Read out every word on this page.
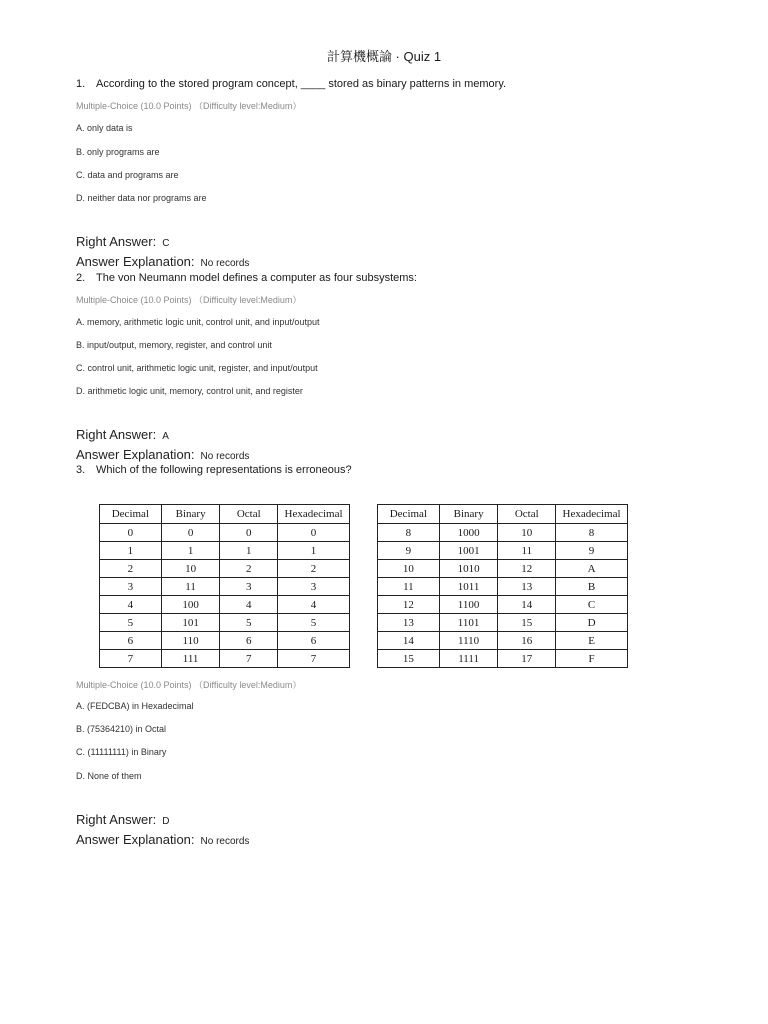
計算機概論 · Quiz 1
1. According to the stored program concept, ____ stored as binary patterns in memory.
Multiple-Choice (10.0 Points) （Difficulty level:Medium）
A. only data is
B. only programs are
C. data and programs are
D. neither data nor programs are
Right Answer: C
Answer Explanation: No records
2. The von Neumann model defines a computer as four subsystems:
Multiple-Choice (10.0 Points) （Difficulty level:Medium）
A. memory, arithmetic logic unit, control unit, and input/output
B. input/output, memory, register, and control unit
C. control unit, arithmetic logic unit, register, and input/output
D. arithmetic logic unit, memory, control unit, and register
Right Answer: A
Answer Explanation: No records
3. Which of the following representations is erroneous?
Decimal	Binary	Octal	Hexadecimal
0	0	0	0
1	1	1	1
2	10	2	2
3	11	3	3
4	100	4	4
5	101	5	5
6	110	6	6
7	111	7	7
Decimal	Binary	Octal	Hexadecimal
8	1000	10	8
9	1001	11	9
10	1010	12	A
11	1011	13	B
12	1100	14	C
13	1101	15	D
14	1110	16	E
15	1111	17	F
Multiple-Choice (10.0 Points) （Difficulty level:Medium）
A. (FEDCBA) in Hexadecimal
B. (75364210) in Octal
C. (11111111) in Binary
D. None of them
Right Answer: D
Answer Explanation: No records
